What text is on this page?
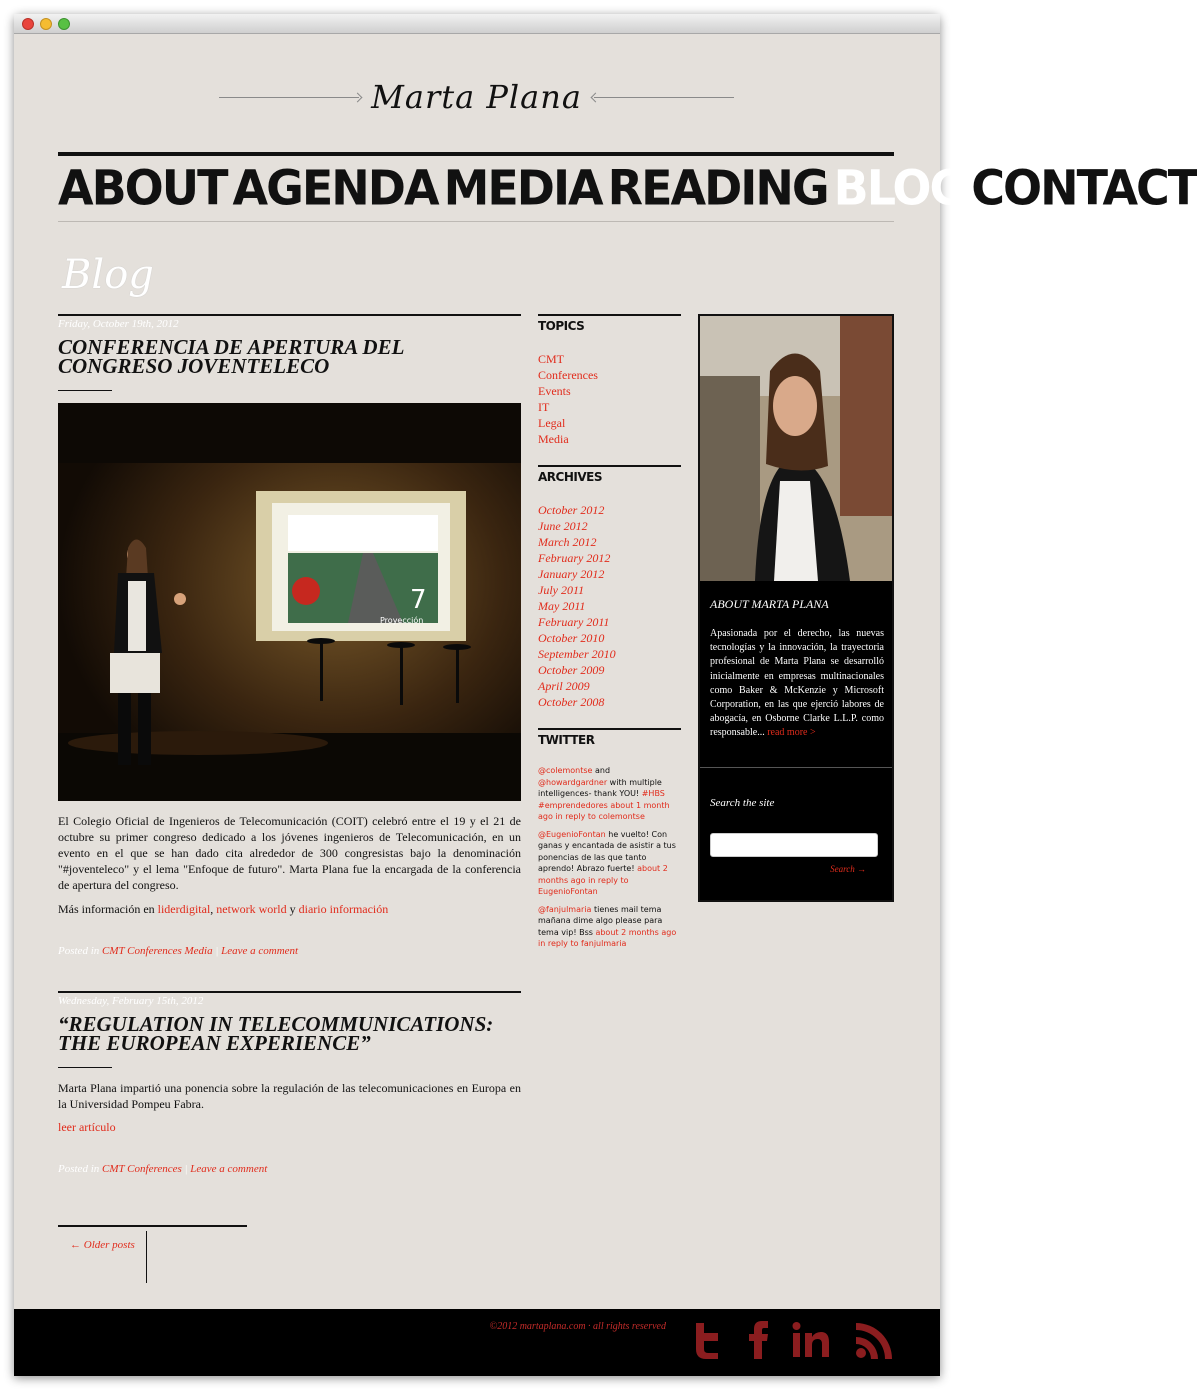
Marta Plana
ABOUT AGENDA MEDIA READING BLOG CONTACT
Blog
Friday, October 19th, 2012
CONFERENCIA DE APERTURA DEL CONGRESO JOVENTELECO
7
Proyección

El Colegio Oficial de Ingenieros de Telecomunicación (COIT) celebró entre el 19 y el 21 de octubre su primer congreso dedicado a los jóvenes ingenieros de Telecomunicación, en un evento en el que se han dado cita alrededor de 300 congresistas bajo la denominación "#joventeleco" y el lema "Enfoque de futuro". Marta Plana fue la encargada de la conferencia de apertura del congreso.

Más información en liderdigital, network world y diario información

Posted in CMT Conferences Media | Leave a comment
Wednesday, February 15th, 2012
“REGULATION IN TELECOMMUNICATIONS: THE EUROPEAN EXPERIENCE”

Marta Plana impartió una ponencia sobre la regulación de las telecomunicaciones en Europa en la Universidad Pompeu Fabra.

leer artículo
Posted in CMT Conferences | Leave a comment
← Older posts
TOPICS
CMT
Conferences
Events
IT
Legal
Media
ARCHIVES
October 2012
June 2012
March 2012
February 2012
January 2012
July 2011
May 2011
February 2011
October 2010
September 2010
October 2009
April 2009
October 2008
TWITTER
@colemontse and
@howardgardner with multiple intelligences- thank YOU! #HBS #emprendedores about 1 month ago in reply to colemontse
@EugenioFontan he vuelto! Con ganas y encantada de asistir a tus ponencias de las que tanto aprendo! Abrazo fuerte! about 2 months ago in reply to EugenioFontan
@fanjulmaria tienes mail tema mañana dime algo please para tema vip! Bss about 2 months ago in reply to fanjulmaria
ABOUT MARTA PLANA
Apasionada por el derecho, las nuevas tecnologías y la innovación, la trayectoria profesional de Marta Plana se desarrolló inicialmente en empresas multinacionales como Baker & McKenzie y Microsoft Corporation, en las que ejerció labores de abogacía, en Osborne Clarke L.L.P. como responsable... read more >
Search the site
Search →
©2012 martaplana.com · all rights reserved
